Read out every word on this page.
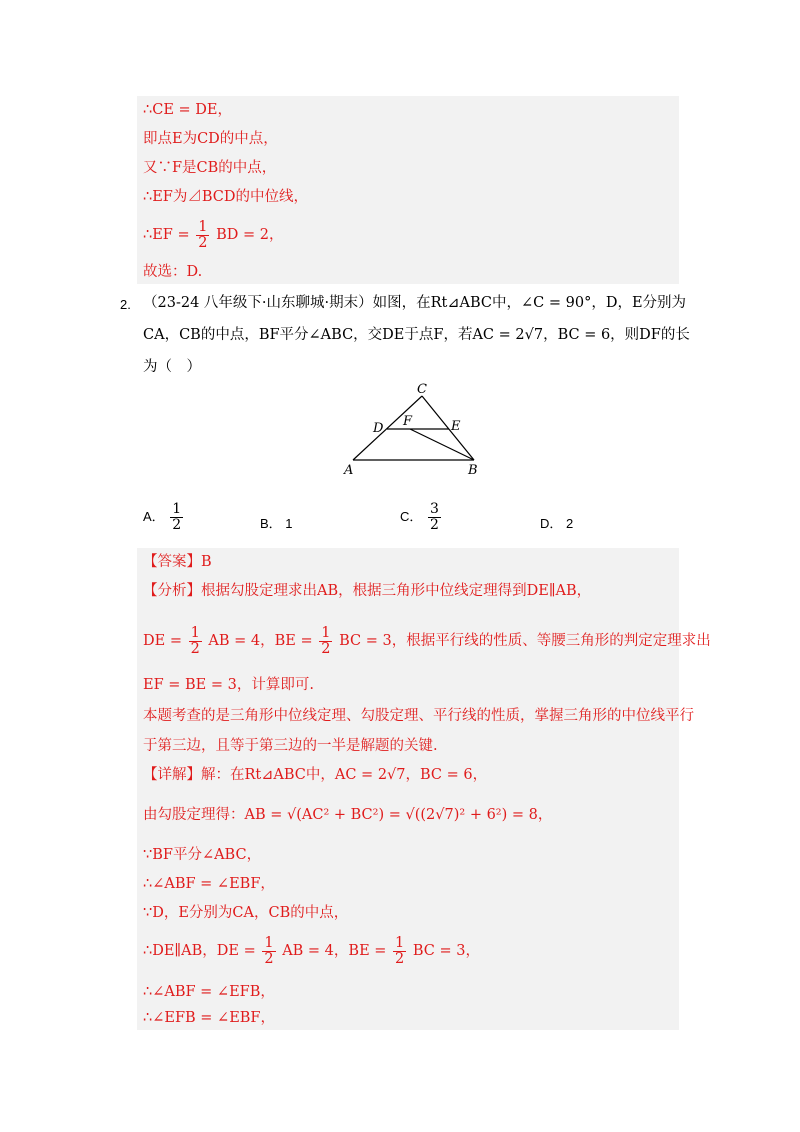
∴CE = DE，
即点E为CD的中点，
又∵F是CB的中点，
∴EF为⊿BCD的中位线，
∴EF = $\frac{1}{2}$ BD = 2，
故选：D.
2. （23-24 八年级下·山东聊城·期末）如图，在Rt⊿ABC中，∠C = 90°，D，E分别为
CA，CB的中点，BF平分∠ABC，交DE于点F，若AC = 2√7，BC = 6，则DF的长
为（　）
A	B
C
D	E
F
A． $\frac{1}{2}$	B． 1	C． $\frac{3}{2}$	D． 2
【答案】B
【分析】根据勾股定理求出AB，根据三角形中位线定理得到DE∥AB，
DE = $\frac{1}{2}$ AB = 4，BE = $\frac{1}{2}$ BC = 3，根据平行线的性质、等腰三角形的判定定理求出
EF = BE = 3，计算即可.
本题考查的是三角形中位线定理、勾股定理、平行线的性质，掌握三角形的中位线平行
于第三边，且等于第三边的一半是解题的关键.
【详解】解：在Rt⊿ABC中，AC = 2√7，BC = 6，
由勾股定理得：AB = √(AC² + BC²) = √((2√7)² + 6²) = 8，
∵BF平分∠ABC，
∴∠ABF = ∠EBF，
∵D，E分别为CA，CB的中点，
∴DE∥AB，DE = $\frac{1}{2}$ AB = 4，BE = $\frac{1}{2}$ BC = 3，
∴∠ABF = ∠EFB，
∴∠EFB = ∠EBF，
